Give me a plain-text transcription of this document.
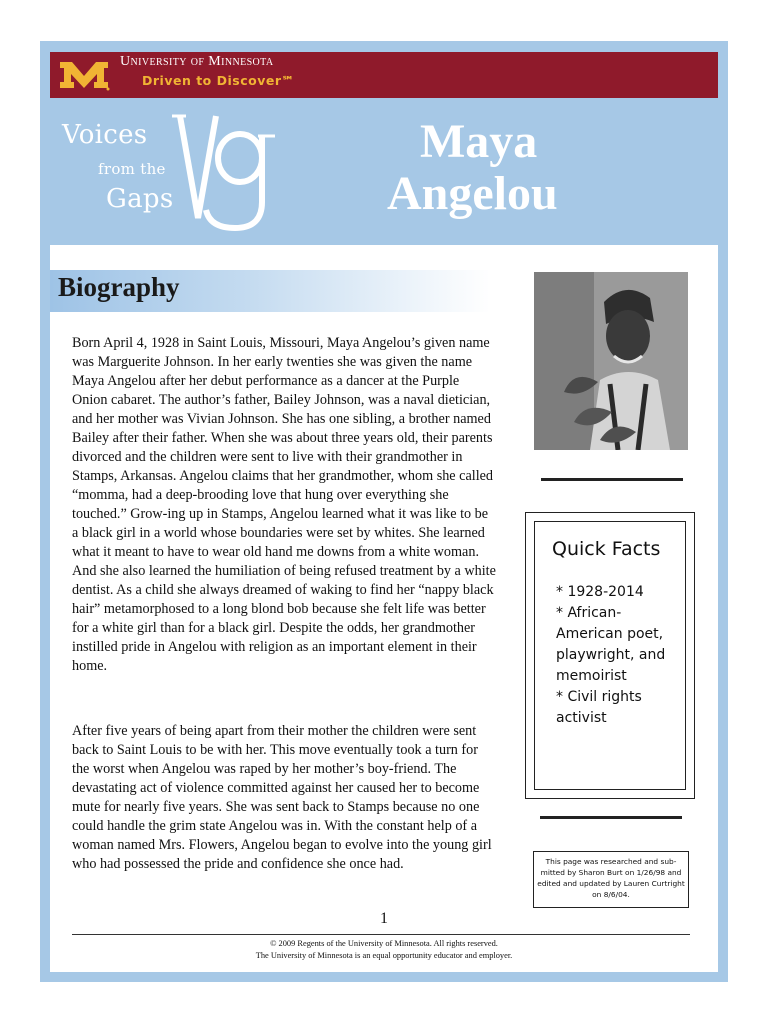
University of Minnesota
Driven to Discover℠
Voices
from the
Gaps
Maya
Angelou
Biography

Born April 4, 1928 in Saint Louis, Missouri, Maya Angelou’s given name was Marguerite Johnson. In her early twenties she was given the name Maya Angelou after her debut performance as a dancer at the Purple Onion cabaret. The author’s father, Bailey Johnson, was a naval dietician, and her mother was Vivian Johnson. She has one sibling, a brother named Bailey after their father. When she was about three years old, their parents divorced and the children were sent to live with their grandmother in Stamps, Arkansas. Angelou claims that her grandmother, whom she called “momma, had a deep-brooding love that hung over everything she touched.” Grow-ing up in Stamps, Angelou learned what it was like to be a black girl in a world whose boundaries were set by whites. She learned what it meant to have to wear old hand me downs from a white woman. And she also learned the humiliation of being refused treatment by a white dentist. As a child she always dreamed of waking to find her “nappy black hair” metamorphosed to a long blond bob because she felt life was better for a white girl than for a black girl. Despite the odds, her grandmother instilled pride in Angelou with religion as an important element in their home.

After five years of being apart from their mother the children were sent back to Saint Louis to be with her. This move eventually took a turn for the worst when Angelou was raped by her mother’s boy-friend. The devastating act of violence committed against her caused her to become mute for nearly five years. She was sent back to Stamps because no one could handle the grim state Angelou was in. With the constant help of a woman named Mrs. Flowers, Angelou began to evolve into the young girl who had possessed the pride and confidence she once had.

Quick Facts

* 1928-2014

* African-American poet, playwright, and memoirist

* Civil rights activist

This page was researched and sub-mitted by Sharon Burt on 1/26/98 and edited and updated by Lauren Curtright on 8/6/04.
1
© 2009 Regents of the University of Minnesota. All rights reserved.
The University of Minnesota is an equal opportunity educator and employer.
